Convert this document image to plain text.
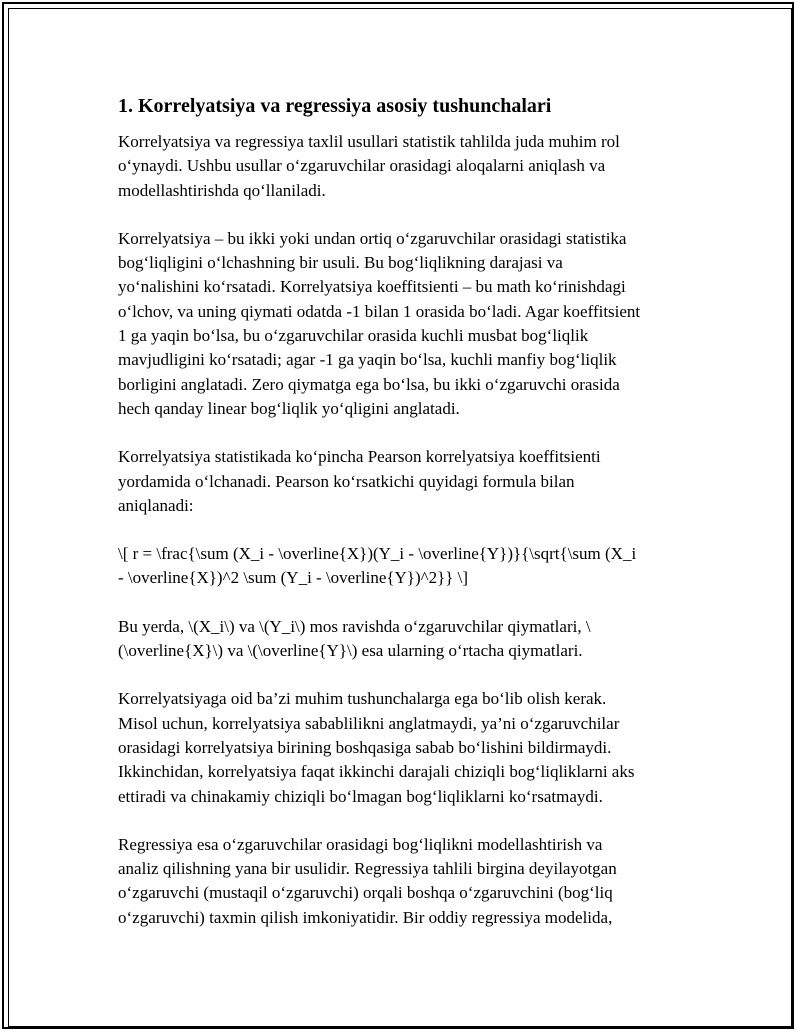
1. Korrelyatsiya va regressiya asosiy tushunchalari

Korrelyatsiya va regressiya taxlil usullari statistik tahlilda juda muhim rol
o‘ynaydi. Ushbu usullar o‘zgaruvchilar orasidagi aloqalarni aniqlash va
modellashtirishda qo‘llaniladi.

Korrelyatsiya – bu ikki yoki undan ortiq o‘zgaruvchilar orasidagi statistika
bog‘liqligini o‘lchashning bir usuli. Bu bog‘liqlikning darajasi va
yo‘nalishini ko‘rsatadi. Korrelyatsiya koeffitsienti – bu math ko‘rinishdagi
o‘lchov, va uning qiymati odatda -1 bilan 1 orasida bo‘ladi. Agar koeffitsient
1 ga yaqin bo‘lsa, bu o‘zgaruvchilar orasida kuchli musbat bog‘liqlik
mavjudligini ko‘rsatadi; agar -1 ga yaqin bo‘lsa, kuchli manfiy bog‘liqlik
borligini anglatadi. Zero qiymatga ega bo‘lsa, bu ikki o‘zgaruvchi orasida
hech qanday linear bog‘liqlik yo‘qligini anglatadi.

Korrelyatsiya statistikada ko‘pincha Pearson korrelyatsiya koeffitsienti
yordamida o‘lchanadi. Pearson ko‘rsatkichi quyidagi formula bilan
aniqlanadi:

\[ r = \frac{\sum (X_i - \overline{X})(Y_i - \overline{Y})}{\sqrt{\sum (X_i
- \overline{X})^2 \sum (Y_i - \overline{Y})^2}} \]

Bu yerda, \(X_i\) va \(Y_i\) mos ravishda o‘zgaruvchilar qiymatlari, \
(\overline{X}\) va \(\overline{Y}\) esa ularning o‘rtacha qiymatlari.

Korrelyatsiyaga oid ba’zi muhim tushunchalarga ega bo‘lib olish kerak.
Misol uchun, korrelyatsiya sabablilikni anglatmaydi, ya’ni o‘zgaruvchilar
orasidagi korrelyatsiya birining boshqasiga sabab bo‘lishini bildirmaydi.
Ikkinchidan, korrelyatsiya faqat ikkinchi darajali chiziqli bog‘liqliklarni aks
ettiradi va chinakamiy chiziqli bo‘lmagan bog‘liqliklarni ko‘rsatmaydi.

Regressiya esa o‘zgaruvchilar orasidagi bog‘liqlikni modellashtirish va
analiz qilishning yana bir usulidir. Regressiya tahlili birgina deyilayotgan
o‘zgaruvchi (mustaqil o‘zgaruvchi) orqali boshqa o‘zgaruvchini (bog‘liq
o‘zgaruvchi) taxmin qilish imkoniyatidir. Bir oddiy regressiya modelida,
